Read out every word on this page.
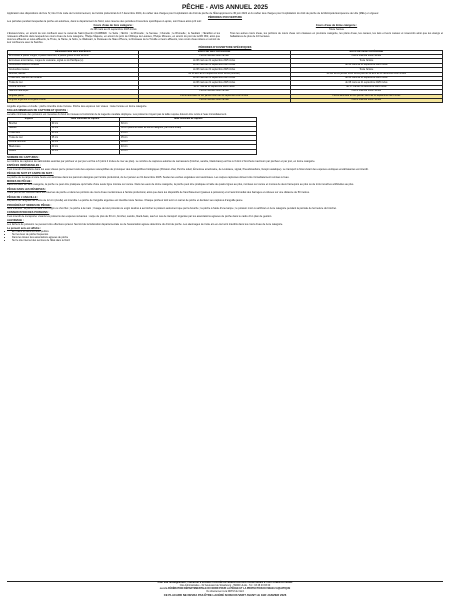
PÊCHE - AVIS ANNUEL 2025

Application des dispositions du livre IV, titre III du code de l'environnement, de l'arrêté préfectoral du 17 décembre 2024, du cahier des charges pour l'exploitation du droit de pêche de l'État approuvé le 30 juin 2022 et du cahier des charges pour l'exploitation du droit de pêche de la Métropole Européenne de Lille (MEL) en vigueur.

PÉRIODES D'OUVERTURE

Les périodes pendant lesquelles la pêche est autorisée, dans le département du Nord, sous réserve des périodes d'ouverture spécifiques ci-après, sont fixées ainsi qu'il suit :

Cours d'eau de 1ère catégorie :

du 08 mars au 21 septembre 2025 inclus

L'Escaut-rivière, en amont de son confluent avec le canal de Saint-Quentin (CAMBRAI : le Selle ; l'Erclin ; la Rhonelle ; le Sensée ; l'Aunelle ; le Rhonelle ; le Saultain ; l'Ecaillon et les ruisseaux affluents dans lesquels les cours d'eau de 1ère catégorie, l'Helpe Majeure, en amont du pont de l'Abbaye de Liessies, l'Helpe Mineure, en amont du pont de la RD 962, ainsi que tous les affluents et sous-affluents, la Thure, la Hante, la Solre, le Watissart, le Ruisseau de l'Eau d'Heure, le Ruisseau de la Trouille et leurs affluents, tous cours d'eau situés en amont de leur confluence avec la Sambre.

Cours d'eau de 2ème catégorie :

Toute l'année

Tous les autres cours d'eau, les portions de cours d'eau non classées en première catégorie, les plans d'eau, les canaux, les lacs et leurs canaux et réservoirs ainsi que les étangs et ballastières de plus de 10 hectares.

PÉRIODES D'OUVERTURE SPÉCIFIQUES
DÉSIGNATION DES ESPÈCES	EAUX DE 1ère CATÉGORIE	EAUX DE 2ème CATÉGORIE
Écrevisses à pattes rouges, à pattes blanches, à pattes grêles et des torrents	Pêche interdite toute l'année	Pêche interdite toute l'année
Écrevisses américaines, rouges de Louisiane, signal ou du Pacifique (e)	du 08 mars au 21 septembre 2025 inclus	Toute l'année
Grenouilles vertes et rousses	du 08 mars au 21 septembre 2025 inclus	du 08 mars au 21 septembre 2025 inclus
Grenouilles rieuses	du 08 mars au 21 septembre 2025 inclus	Toute l'année
Brochet, sandre	du 26 avril au 21 septembre 2025 inclus (brochet)	du 1er au 26 janvier 2025 inclus puis du 26 avril au 31 décembre 2025 inclus
Truite fario, saumon de fontaine	du 08 mars au 21 septembre 2025 inclus	du 08 mars au 21 septembre 2025 inclus
Truite de mer	du 08 mars au 21 septembre 2025 inclus	du 08 mars au 21 septembre 2025 inclus
Ombre commun	du 17 mai au 21 septembre 2025 inclus	du 17 mai au 31 décembre 2025 inclus
Saumon atlantique	Pêche interdite toute l'année	Pêche interdite toute l'année
Anguille jaune	Pêche autorisée du 1er janvier 2025 au 30 septembre 2025 inclus	Pêche autorisée du 1er janvier 2025 au 30 septembre 2025 inclus
Anguille argentée et Anguille civelle	Pêche interdite toute l'année	Pêche interdite toute l'année

Anguille argentée et civelle : pêche interdite toute l'année. Pêche des espèces non visées : toute l'année en 2ème catégorie.

TAILLES MINIMALES DE CAPTURE ET QUOTAS :

La taille minimale des poissons est mesurée du bout du museau à l'extrémité de la nageoire caudale déployée. Les poissons n'ayant pas la taille requise doivent être remis à l'eau immédiatement.

Espèce	Taille minimale de capture	Taille minimale de capture
Brochet	60 cm	60 cm
Sandre	50 cm	50 cm (dans les eaux de 2ème catégorie, par cours d'eau)
Truite fario	25 cm	25 cm
Truite de mer	35 cm	35 cm
Ombre commun	30 cm	30 cm
Black-bass	40 cm	40 cm
Mulets	20 cm	20 cm
NOMBRE DE CAPTURES :

Le nombre de captures de salmonidés autorisé par pêcheur et par jour est fixé à 6 (dont 2 truites de mer au plus). Le nombre de captures autorisé de carnassiers (brochet, sandre, black-bass) est fixé à 3 dont 2 brochets maximum par pêcheur et par jour, en 2ème catégorie.

ESPÈCES INDÉSIRABLES :

Il est interdit d'introduire dans les eaux visées par le présent avis des espèces susceptibles de provoquer des déséquilibres biologiques (Poisson-chat, Perche soleil, Écrevisse américaine, de Louisiane, signal, Pseudorasbora, Goujon asiatique). Le transport à l'état vivant des espèces exotiques envahissantes est interdit.

PÉCHE DE NUIT ET CARPE DE NUIT :

La pêche de la carpe à toute heure est autorisée dans les parcours désignés par l'arrêté préfectoral, du 1er janvier au 31 décembre 2025. Seules les esches végétales sont autorisées. Les carpes capturées doivent être immédiatement remises à l'eau.

MODES DE PÊCHE :

Dans les eaux de 1ère catégorie, la pêche ne peut être pratiquée qu'à l'aide d'une seule ligne montée sur canne. Dans les eaux de 2ème catégorie, la pêche peut être pratiquée à l'aide de quatre lignes au plus, montées sur canne et munies de deux hameçons au plus ou de trois mouches artificielles au plus.

PÊCHE DANS LES RÉSERVES :

Toute pêche est interdite dans les réserves de pêche et dans les portions de cours d'eau mentionnées à l'arrêté préfectoral, ainsi que dans les dispositifs de franchissement (passes à poissons) et à l'aval immédiat des barrages et écluses sur une distance de 50 mètres.

PÊCHE DE L'ANGUILLE :

La pêche de l'anguille de moins de 12 cm (civelle) est interdite. La pêche de l'anguille argentée est interdite toute l'année. Chaque pêcheur doit tenir un carnet de pêche et déclarer ses captures d'anguille jaune.

PROCÉDÉS ET MODES DE PÊCHE :

Sont interdits : la pêche à l'aide d'un engin ou d'un filet ; la pêche à la main ; l'usage de tout procédé ou engin destiné à accrocher le poisson autrement que par la bouche ; la pêche à l'aide d'une lampe ; le poisson mort ou artificiel en 1ère catégorie pendant la période de fermeture du brochet.

CONSERVATION DES POISSONS :

Il est interdit de transporter vivants les poissons des espèces suivantes : carpe de plus de 60 cm, brochet, sandre, black-bass, sauf en cas de transport organisé par les associations agréées de pêche dans le cadre d'un plan de gestion.

ALEVINAGE :

Les lâchers de poissons ne peuvent être effectués qu'avec l'accord de la fédération départementale ou de l'association agréée détentrice du droit de pêche. Les alevinages de truite arc-en-ciel sont interdits dans les cours d'eau de 1ère catégorie.

Le présent avis est affiché :
• En mairie et dans les lieux publics
• Sur les lieux de pêche fréquentés
• Dans les locaux des associations agréées de pêche
• Sur le site internet des services de l'État dans le Nord

Pour tout renseignement, s'adresser à la DIRECTION DÉPARTEMENTALE DES TERRITOIRES ET DE LA MER DU NORD

Cité Administrative - 62 boulevard de Strasbourg - 59000 LILLE - Tél : 03 28 03 83 00

ou à la FÉDÉRATION DÉPARTEMENTALE DU NORD POUR LA PÊCHE ET LA PROTECTION DU MILIEU AQUATIQUE

Ou directement à la DDTM du Nord

CE PLACARD NE DEVRA PAS ÊTRE LACÉRÉ NI RECOUVERT AVANT LE 1ER JANVIER 2026
